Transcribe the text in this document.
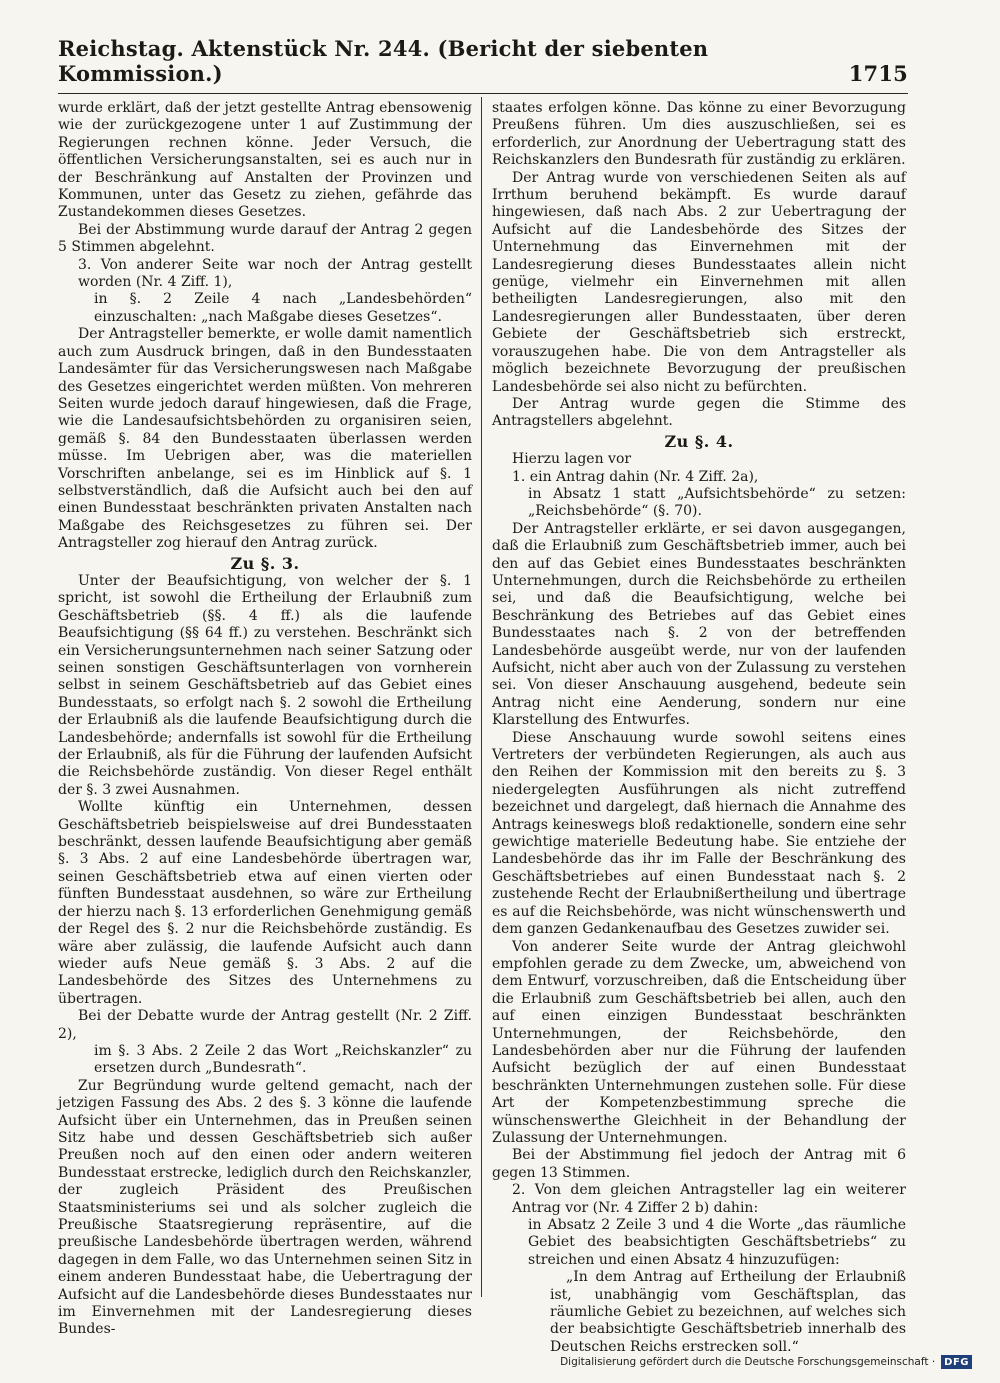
Reichstag. Aktenstück Nr. 244. (Bericht der siebenten Kommission.)	1715

wurde erklärt, daß der jetzt gestellte Antrag ebensowenig wie der zurückgezogene unter 1 auf Zustimmung der Regierungen rechnen könne. Jeder Versuch, die öffentlichen Versicherungsanstalten, sei es auch nur in der Beschränkung auf Anstalten der Provinzen und Kommunen, unter das Gesetz zu ziehen, gefährde das Zustandekommen dieses Gesetzes.

Bei der Abstimmung wurde darauf der Antrag 2 gegen 5 Stimmen abgelehnt.

3. Von anderer Seite war noch der Antrag gestellt worden (Nr. 4 Ziff. 1),

in §. 2 Zeile 4 nach „Landesbehörden“ einzuschalten: „nach Maßgabe dieses Gesetzes“.

Der Antragsteller bemerkte, er wolle damit namentlich auch zum Ausdruck bringen, daß in den Bundesstaaten Landesämter für das Versicherungswesen nach Maßgabe des Gesetzes eingerichtet werden müßten. Von mehreren Seiten wurde jedoch darauf hingewiesen, daß die Frage, wie die Landesaufsichtsbehörden zu organisiren seien, gemäß §. 84 den Bundesstaaten überlassen werden müsse. Im Uebrigen aber, was die materiellen Vorschriften anbelange, sei es im Hinblick auf §. 1 selbstverständlich, daß die Aufsicht auch bei den auf einen Bundesstaat beschränkten privaten Anstalten nach Maßgabe des Reichsgesetzes zu führen sei. Der Antragsteller zog hierauf den Antrag zurück.

Zu §. 3.

Unter der Beaufsichtigung, von welcher der §. 1 spricht, ist sowohl die Ertheilung der Erlaubniß zum Geschäftsbetrieb (§§. 4 ff.) als die laufende Beaufsichtigung (§§ 64 ff.) zu verstehen. Beschränkt sich ein Versicherungsunternehmen nach seiner Satzung oder seinen sonstigen Geschäftsunterlagen von vornherein selbst in seinem Geschäftsbetrieb auf das Gebiet eines Bundesstaats, so erfolgt nach §. 2 sowohl die Ertheilung der Erlaubniß als die laufende Beaufsichtigung durch die Landesbehörde; andernfalls ist sowohl für die Ertheilung der Erlaubniß, als für die Führung der laufenden Aufsicht die Reichsbehörde zuständig. Von dieser Regel enthält der §. 3 zwei Ausnahmen.

Wollte künftig ein Unternehmen, dessen Geschäftsbetrieb beispielsweise auf drei Bundesstaaten beschränkt, dessen laufende Beaufsichtigung aber gemäß §. 3 Abs. 2 auf eine Landesbehörde übertragen war, seinen Geschäftsbetrieb etwa auf einen vierten oder fünften Bundesstaat ausdehnen, so wäre zur Ertheilung der hierzu nach §. 13 erforderlichen Genehmigung gemäß der Regel des §. 2 nur die Reichsbehörde zuständig. Es wäre aber zulässig, die laufende Aufsicht auch dann wieder aufs Neue gemäß §. 3 Abs. 2 auf die Landesbehörde des Sitzes des Unternehmens zu übertragen.

Bei der Debatte wurde der Antrag gestellt (Nr. 2 Ziff. 2),

im §. 3 Abs. 2 Zeile 2 das Wort „Reichskanzler“ zu ersetzen durch „Bundesrath“.

Zur Begründung wurde geltend gemacht, nach der jetzigen Fassung des Abs. 2 des §. 3 könne die laufende Aufsicht über ein Unternehmen, das in Preußen seinen Sitz habe und dessen Geschäftsbetrieb sich außer Preußen noch auf den einen oder andern weiteren Bundesstaat erstrecke, lediglich durch den Reichskanzler, der zugleich Präsident des Preußischen Staatsministeriums sei und als solcher zugleich die Preußische Staatsregierung repräsentire, auf die preußische Landesbehörde übertragen werden, während dagegen in dem Falle, wo das Unternehmen seinen Sitz in einem anderen Bundesstaat habe, die Uebertragung der Aufsicht auf die Landesbehörde dieses Bundesstaates nur im Einvernehmen mit der Landesregierung dieses Bundes-

staates erfolgen könne. Das könne zu einer Bevorzugung Preußens führen. Um dies auszuschließen, sei es erforderlich, zur Anordnung der Uebertragung statt des Reichskanzlers den Bundesrath für zuständig zu erklären.

Der Antrag wurde von verschiedenen Seiten als auf Irrthum beruhend bekämpft. Es wurde darauf hingewiesen, daß nach Abs. 2 zur Uebertragung der Aufsicht auf die Landesbehörde des Sitzes der Unternehmung das Einvernehmen mit der Landesregierung dieses Bundesstaates allein nicht genüge, vielmehr ein Einvernehmen mit allen betheiligten Landesregierungen, also mit den Landesregierungen aller Bundesstaaten, über deren Gebiete der Geschäftsbetrieb sich erstreckt, vorauszugehen habe. Die von dem Antragsteller als möglich bezeichnete Bevorzugung der preußischen Landesbehörde sei also nicht zu befürchten.

Der Antrag wurde gegen die Stimme des Antragstellers abgelehnt.

Zu §. 4.

Hierzu lagen vor

1. ein Antrag dahin (Nr. 4 Ziff. 2a),

in Absatz 1 statt „Aufsichtsbehörde“ zu setzen: „Reichsbehörde“ (§. 70).

Der Antragsteller erklärte, er sei davon ausgegangen, daß die Erlaubniß zum Geschäftsbetrieb immer, auch bei den auf das Gebiet eines Bundesstaates beschränkten Unternehmungen, durch die Reichsbehörde zu ertheilen sei, und daß die Beaufsichtigung, welche bei Beschränkung des Betriebes auf das Gebiet eines Bundesstaates nach §. 2 von der betreffenden Landesbehörde ausgeübt werde, nur von der laufenden Aufsicht, nicht aber auch von der Zulassung zu verstehen sei. Von dieser Anschauung ausgehend, bedeute sein Antrag nicht eine Aenderung, sondern nur eine Klarstellung des Entwurfes.

Diese Anschauung wurde sowohl seitens eines Vertreters der verbündeten Regierungen, als auch aus den Reihen der Kommission mit den bereits zu §. 3 niedergelegten Ausführungen als nicht zutreffend bezeichnet und dargelegt, daß hiernach die Annahme des Antrags keineswegs bloß redaktionelle, sondern eine sehr gewichtige materielle Bedeutung habe. Sie entziehe der Landesbehörde das ihr im Falle der Beschränkung des Geschäftsbetriebes auf einen Bundesstaat nach §. 2 zustehende Recht der Erlaubnißertheilung und übertrage es auf die Reichsbehörde, was nicht wünschenswerth und dem ganzen Gedankenaufbau des Gesetzes zuwider sei.

Von anderer Seite wurde der Antrag gleichwohl empfohlen gerade zu dem Zwecke, um, abweichend von dem Entwurf, vorzuschreiben, daß die Entscheidung über die Erlaubniß zum Geschäftsbetrieb bei allen, auch den auf einen einzigen Bundesstaat beschränkten Unternehmungen, der Reichsbehörde, den Landesbehörden aber nur die Führung der laufenden Aufsicht bezüglich der auf einen Bundesstaat beschränkten Unternehmungen zustehen solle. Für diese Art der Kompetenzbestimmung spreche die wünschenswerthe Gleichheit in der Behandlung der Zulassung der Unternehmungen.

Bei der Abstimmung fiel jedoch der Antrag mit 6 gegen 13 Stimmen.

2. Von dem gleichen Antragsteller lag ein weiterer Antrag vor (Nr. 4 Ziffer 2 b) dahin:

in Absatz 2 Zeile 3 und 4 die Worte „das räumliche Gebiet des beabsichtigten Geschäftsbetriebs“ zu streichen und einen Absatz 4 hinzuzufügen:

„In dem Antrag auf Ertheilung der Erlaubniß ist, unabhängig vom Geschäftsplan, das räumliche Gebiet zu bezeichnen, auf welches sich der beabsichtigte Geschäftsbetrieb innerhalb des Deutschen Reichs erstrecken soll.“

Digitalisierung gefördert durch die Deutsche Forschungsgemeinschaft · DFG
